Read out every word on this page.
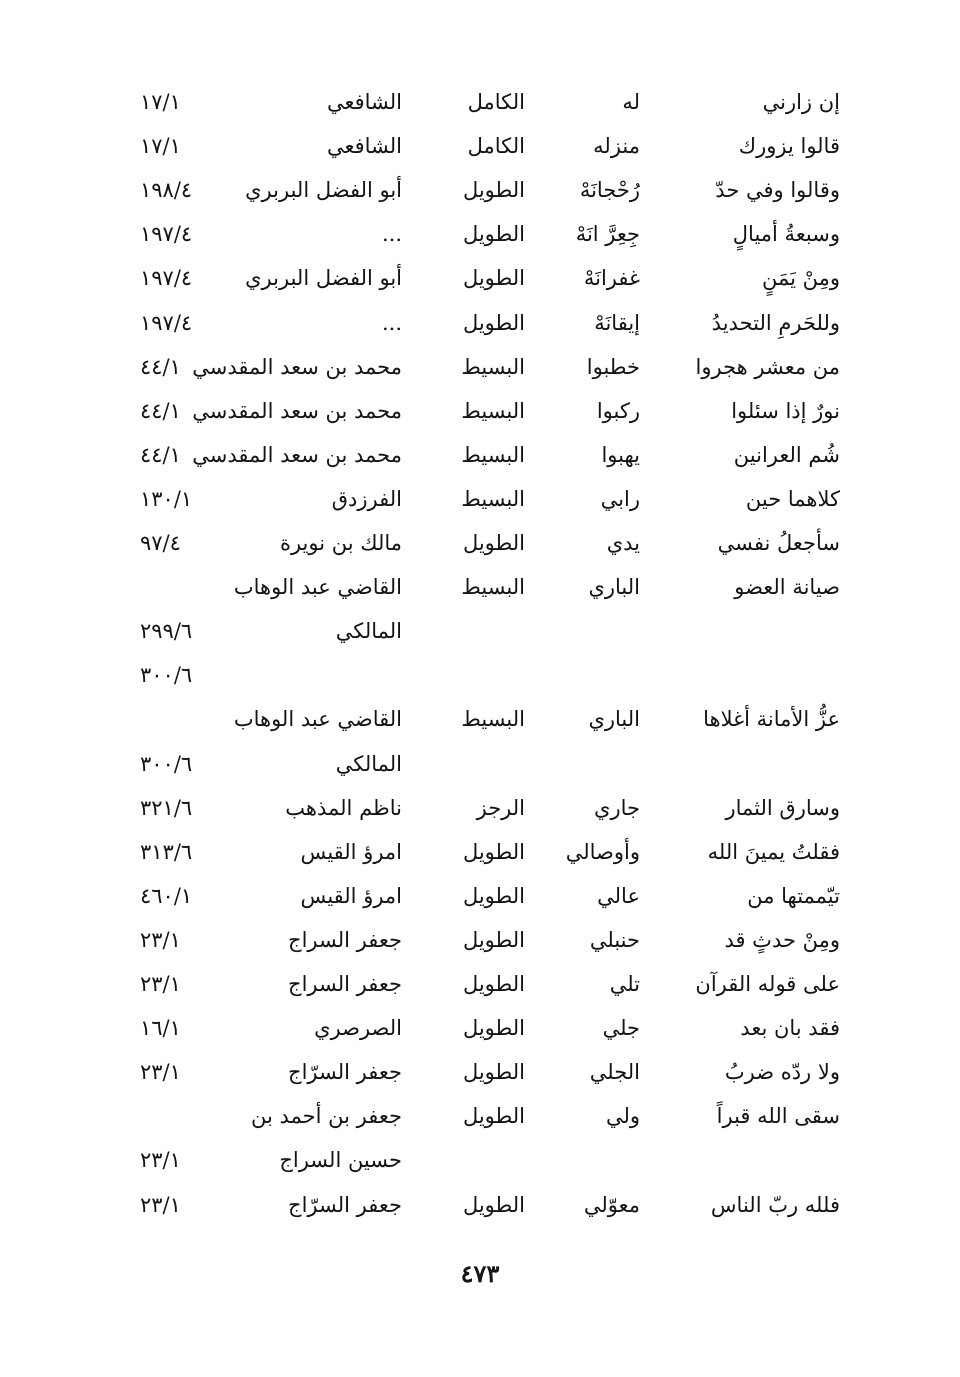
إن زارني
له
الكامل
الشافعي
١٧/١
قالوا يزورك
منزله
الكامل
الشافعي
١٧/١
وقالوا وفي حدّ
رُحْجانَهْ
الطويل
أبو الفضل البربري
١٩٨/٤
وسبعةُ أميالٍ
جِعِرَّ انَهْ
الطويل
...
١٩٧/٤
ومِنْ يَمَنٍ
غفرانَهْ
الطويل
أبو الفضل البربري
١٩٧/٤
وللحَرمِ التحديدُ
إيقانَهْ
الطويل
...
١٩٧/٤
من معشر هجروا
خطبوا
البسيط
محمد بن سعد المقدسي
٤٤/١
نورٌ إذا سئلوا
ركبوا
البسيط
محمد بن سعد المقدسي
٤٤/١
شُم العرانين
يهبوا
البسيط
محمد بن سعد المقدسي
٤٤/١
كلاهما حين
رابي
البسيط
الفرزدق
١٣٠/١
سأجعلُ نفسي
يدي
الطويل
مالك بن نويرة
٩٧/٤
صيانة العضو
الباري
البسيط
القاضي عبد الوهاب
المالكي
٢٩٩/٦
٣٠٠/٦
عزُّ الأمانة أغلاها
الباري
البسيط
القاضي عبد الوهاب
المالكي
٣٠٠/٦
وسارق الثمار
جاري
الرجز
ناظم المذهب
٣٢١/٦
فقلتُ يمينَ الله
وأوصالي
الطويل
امرؤ القيس
٣١٣/٦
تيّممتها من
عالي
الطويل
امرؤ القيس
٤٦٠/١
ومِنْ حدثٍ قد
حنبلي
الطويل
جعفر السراج
٢٣/١
على قوله القرآن
تلي
الطويل
جعفر السراج
٢٣/١
فقد بان بعد
جلي
الطويل
الصرصري
١٦/١
ولا ردّه ضربُ
الجلي
الطويل
جعفر السرّاج
٢٣/١
سقى الله قبراً
ولي
الطويل
جعفر بن أحمد بن
حسين السراج
٢٣/١
فلله ربّ الناس
معوّلي
الطويل
جعفر السرّاج
٢٣/١
٤٧٣
